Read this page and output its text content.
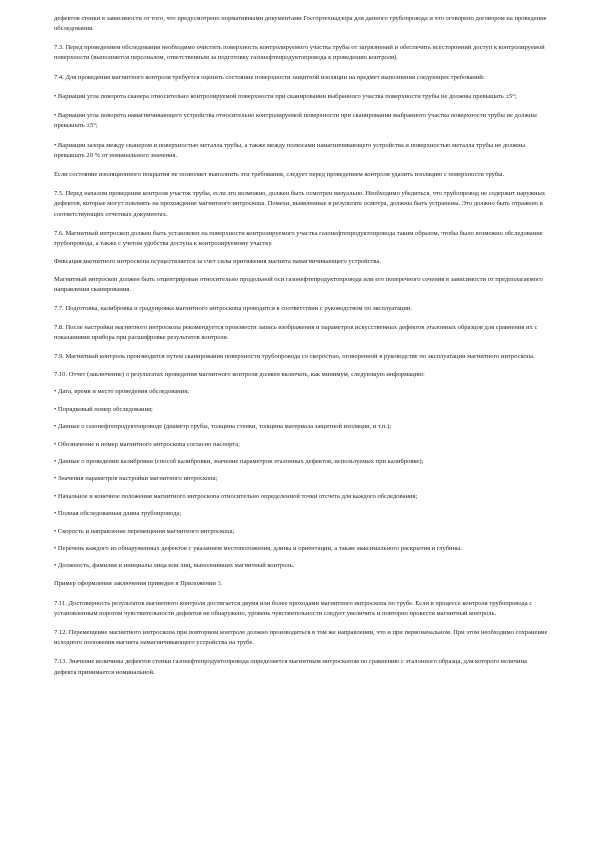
дефектов стенки в зависимости от того, что предусмотрено нормативными документами Госгортехнадзора для данного трубопровода и что оговорено договором на проведение обследования.

7.3. Перед проведением обследования необходимо очистить поверхность контролируемого участка трубы от загрязнений и обеспечить всесторонний доступ к контролируемой поверхности (выполняется персоналом, ответственным за подготовку газонефтепродуктопровода к проведению контроля).

7.4. Для проведения магнитного контроля требуется оценить состояние поверхности защитной изоляции на предмет выполнения следующих требований:

• Вариации угла поворота сканера относительно контролируемой поверхности при сканировании выбранного участка поверхности трубы не должны превышать ±5°;

• Вариации угла поворота намагничивающего устройства относительно контролируемой поверхности при сканировании выбранного участка поверхности трубы не должны превышать ±5°;

• Вариации зазора между сканером и поверхностью металла трубы, а также между полюсами намагничивающего устройства и поверхностью металла трубы не должны превышать 20 % от номинального значения.

Если состояние изоляционного покрытия не позволяет выполнить эти требования, следует перед проведением контроля удалить изоляцию с поверхности трубы.

7.5. Перед началом проведения контроля участок трубы, если это возможно, должен быть осмотрен визуально. Необходимо убедиться, что трубопровод не содержит наружных дефектов, которые могут повлиять на прохождение магнитного интроскопа. Помехи, выявленные в результате осмотра, должны быть устранены. Это должно быть отражено в соответствующих отчетных документах.

7.6. Магнитный интроскоп должен быть установлен на поверхности контролируемого участка газонефтепродуктопровода таким образом, чтобы было возможно обследование трубопровода, а также с учетом удобства доступа к контролируемому участку.

Фиксация магнитного интроскопа осуществляется за счет силы притяжения магнита намагничивающего устройства.

Магнитный интроскоп должен быть отцентрирован относительно продольной оси газонефтепродуктопровода или его поперечного сечения в зависимости от предполагаемого направления сканирования.

7.7. Подготовка, калибровка и градуировка магнитного интроскопа проводится в соответствии с руководством по эксплуатации.

7.8. После настройки магнитного интроскопа рекомендуется произвести запись изображения и параметров искусственных дефектов эталонных образцов для сравнения их с показаниями прибора при расшифровке результатов контроля.

7.9. Магнитный контроль производится путем сканирования поверхности трубопровода со скоростью, оговоренной в руководстве по эксплуатации магнитного интроскопа.

7.10. Отчет (заключение) о результатах проведения магнитного контроля должен включать, как минимум, следующую информацию:

• Дата, время и место проведения обследования;

• Порядковый номер обследования;

• Данные о газонефтепродуктопроводе (диаметр трубы, толщина стенки, толщина материала защитной изоляции, и т.п.);

• Обозначение и номер магнитного интроскопа согласно паспорта;

• Данные о проведении калибровки (способ калибровки, значение параметров эталонных дефектов, используемых при калибровке);

• Значения параметров настройки магнитного интроскопа;

• Начальное и конечное положения магнитного интроскопа относительно определенной точки отсчета для каждого обследования;

• Полная обследованная длина трубопровода;

• Скорость и направление перемещения магнитного интроскопа;

• Перечень каждого из обнаруженных дефектов с указанием местоположения, длины и ориентации, а также максимального раскрытия и глубины.

• Должность, фамилия и инициалы лица или лиц, выполнивших магнитный контроль.

Пример оформления заключения приведен в Приложении 3.

7.11. Достоверность результатов магнитного контроля достигается двумя или более проходами магнитного интроскопа по трубе. Если в процессе контроля трубопровода с установленным порогом чувствительности дефектов не обнаружено, уровень чувствительности следует увеличить и повторно провести магнитный контроль.

7.12. Перемещение магнитного интроскопа при повторном контроле должно производиться в том же направлении, что и при первоначальном. При этом необходимо сохранение исходного положения магнита намагничивающего устройства на трубе.

7.13. Значение величины дефектов стенки газонефтепродуктопровода определяется магнитным интроскопом по сравнению с эталонного образца, для которого величина дефекта принимается номинальной.
